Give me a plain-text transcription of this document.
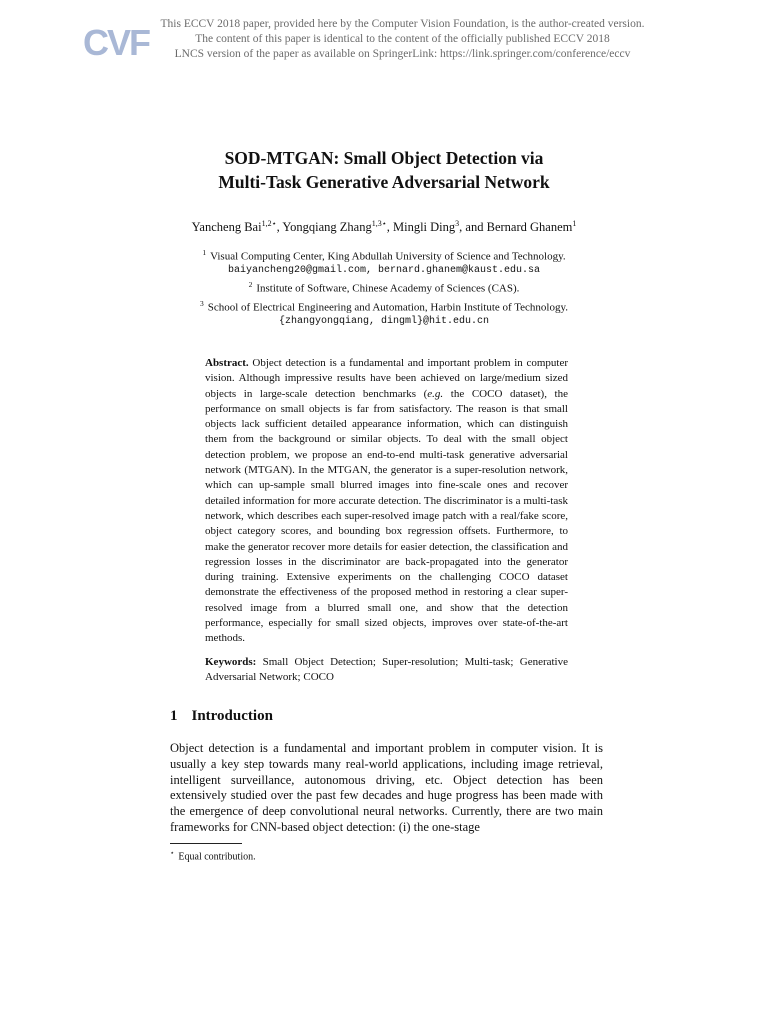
CVF	This ECCV 2018 paper, provided here by the Computer Vision Foundation, is the author-created version.
The content of this paper is identical to the content of the officially published ECCV 2018
LNCS version of the paper as available on SpringerLink: https://link.springer.com/conference/eccv
SOD-MTGAN: Small Object Detection via
Multi-Task Generative Adversarial Network
Yancheng Bai$^{1,2⋆}$, Yongqiang Zhang$^{1,3⋆}$, Mingli Ding$^3$, and Bernard Ghanem$^1$
$^1$ Visual Computing Center, King Abdullah University of Science and Technology.
baiyancheng20@gmail.com, bernard.ghanem@kaust.edu.sa
$^2$ Institute of Software, Chinese Academy of Sciences (CAS).
$^3$ School of Electrical Engineering and Automation, Harbin Institute of Technology.
{zhangyongqiang, dingml}@hit.edu.cn
Abstract. Object detection is a fundamental and important problem in computer vision. Although impressive results have been achieved on large/medium sized objects in large-scale detection benchmarks (e.g. the COCO dataset), the performance on small objects is far from satisfactory. The reason is that small objects lack sufficient detailed appearance information, which can distinguish them from the background or similar objects. To deal with the small object detection problem, we propose an end-to-end multi-task generative adversarial network (MTGAN). In the MTGAN, the generator is a super-resolution network, which can up-sample small blurred images into fine-scale ones and recover detailed information for more accurate detection. The discriminator is a multi-task network, which describes each super-resolved image patch with a real/fake score, object category scores, and bounding box regression offsets. Furthermore, to make the generator recover more details for easier detection, the classification and regression losses in the discriminator are back-propagated into the generator during training. Extensive experiments on the challenging COCO dataset demonstrate the effectiveness of the proposed method in restoring a clear super-resolved image from a blurred small one, and show that the detection performance, especially for small sized objects, improves over state-of-the-art methods.
Keywords: Small Object Detection; Super-resolution; Multi-task; Generative Adversarial Network; COCO
1 Introduction
Object detection is a fundamental and important problem in computer vision. It is usually a key step towards many real-world applications, including image retrieval, intelligent surveillance, autonomous driving, etc. Object detection has been extensively studied over the past few decades and huge progress has been made with the emergence of deep convolutional neural networks. Currently, there are two main frameworks for CNN-based object detection: (i) the one-stage
⋆ Equal contribution.
